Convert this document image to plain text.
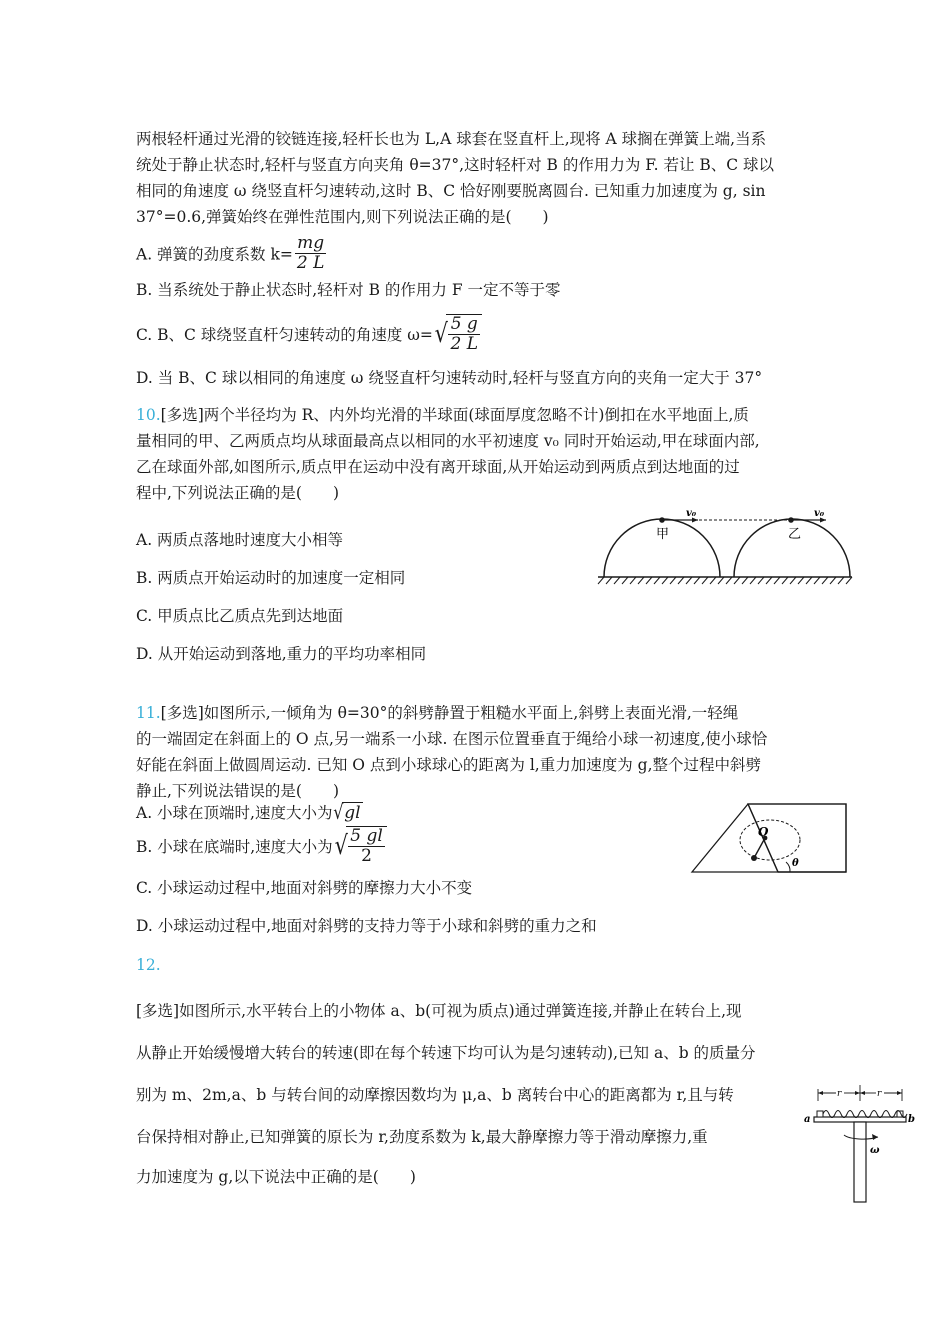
两根轻杆通过光滑的铰链连接,轻杆长也为 L,A 球套在竖直杆上,现将 A 球搁在弹簧上端,当系
统处于静止状态时,轻杆与竖直方向夹角 θ=37°,这时轻杆对 B 的作用力为 F. 若让 B、C 球以
相同的角速度 ω 绕竖直杆匀速转动,这时 B、C 恰好刚要脱离圆台. 已知重力加速度为 g, sin
37°=0.6,弹簧始终在弹性范围内,则下列说法正确的是(　　)
A. 弹簧的劲度系数 $k= \frac{mg}{2 L}$
B. 当系统处于静止状态时,轻杆对 B 的作用力 F 一定不等于零
C. B、C 球绕竖直杆匀速转动的角速度 $\omega=√ \frac{5 g}{2 L}$
D. 当 B、C 球以相同的角速度 ω 绕竖直杆匀速转动时,轻杆与竖直方向的夹角一定大于 37°
10.[多选]两个半径均为 R、内外均光滑的半球面(球面厚度忽略不计)倒扣在水平地面上,质
量相同的甲、乙两质点均从球面最高点以相同的水平初速度 v₀ 同时开始运动,甲在球面内部,
乙在球面外部,如图所示,质点甲在运动中没有离开球面,从开始运动到两质点到达地面的过
程中,下列说法正确的是(　　)
A. 两质点落地时速度大小相等
B. 两质点开始运动时的加速度一定相同
C. 甲质点比乙质点先到达地面
D. 从开始运动到落地,重力的平均功率相同
v₀	v₀
甲	乙
11.[多选]如图所示,一倾角为 θ=30°的斜劈静置于粗糙水平面上,斜劈上表面光滑,一轻绳
的一端固定在斜面上的 O 点,另一端系一小球. 在图示位置垂直于绳给小球一初速度,使小球恰
好能在斜面上做圆周运动. 已知 O 点到小球球心的距离为 l,重力加速度为 g,整个过程中斜劈
静止,下列说法错误的是(　　)
A. 小球在顶端时,速度大小为√gl
B. 小球在底端时,速度大小为√ $\frac{5 gl}{2}$
C. 小球运动过程中,地面对斜劈的摩擦力大小不变
D. 小球运动过程中,地面对斜劈的支持力等于小球和斜劈的重力之和
O
θ
12.
[多选]如图所示,水平转台上的小物体 a、b(可视为质点)通过弹簧连接,并静止在转台上,现
从静止开始缓慢增大转台的转速(即在每个转速下均可认为是匀速转动),已知 a、b 的质量分
别为 m、2m,a、b 与转台间的动摩擦因数均为 μ,a、b 离转台中心的距离都为 r,且与转
台保持相对静止,已知弹簧的原长为 r,劲度系数为 k,最大静摩擦力等于滑动摩擦力,重
力加速度为 g,以下说法中正确的是(　　)
r	r
a	b
ω
